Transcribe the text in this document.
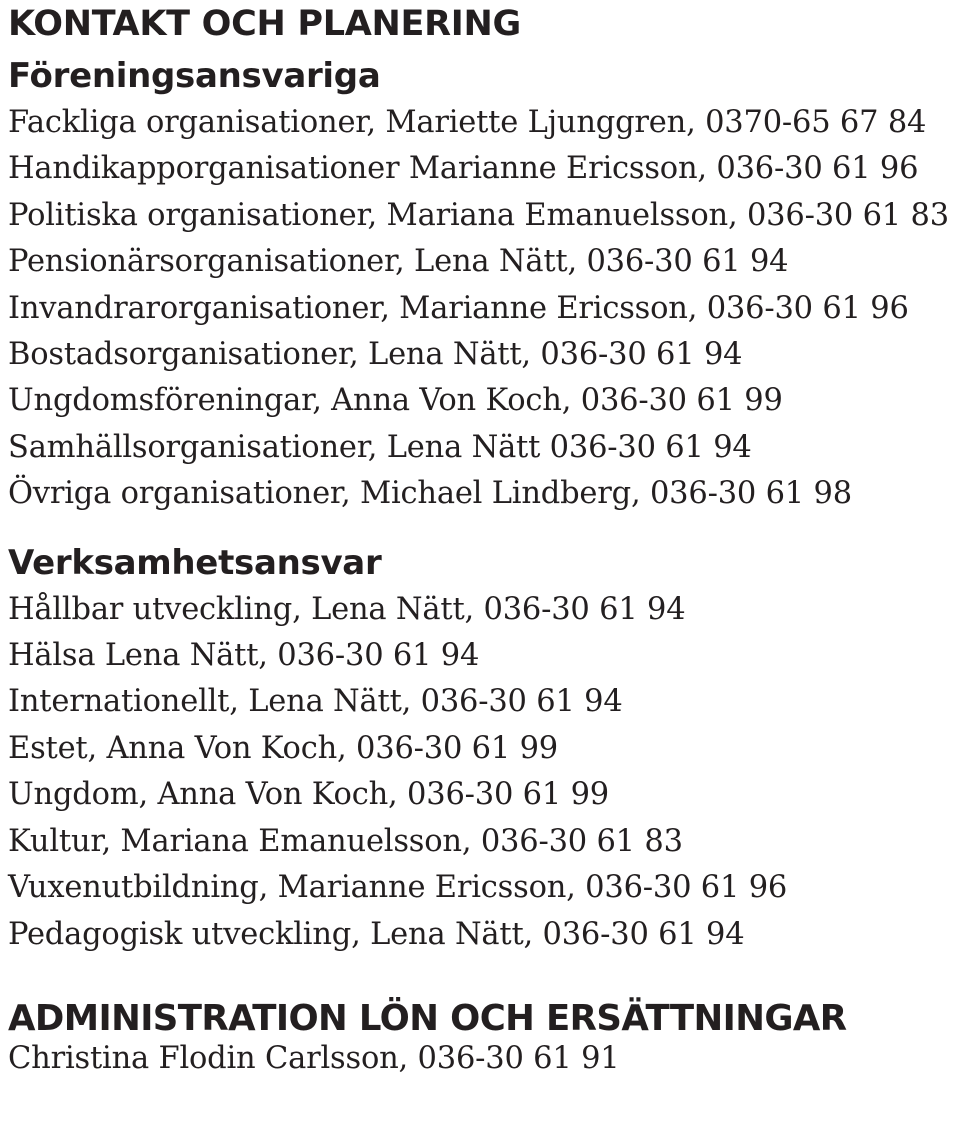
KONTAKT OCH PLANERING
Föreningsansvariga
Fackliga organisationer, Mariette Ljunggren, 0370-65 67 84
Handikapporganisationer Marianne Ericsson, 036-30 61 96
Politiska organisationer, Mariana Emanuelsson, 036-30 61 83
Pensionärsorganisationer, Lena Nätt, 036-30 61 94
Invandrarorganisationer, Marianne Ericsson, 036-30 61 96
Bostadsorganisationer, Lena Nätt, 036-30 61 94
Ungdomsföreningar, Anna Von Koch, 036-30 61 99
Samhällsorganisationer, Lena Nätt 036-30 61 94
Övriga organisationer, Michael Lindberg, 036-30 61 98
Verksamhetsansvar
Hållbar utveckling, Lena Nätt, 036-30 61 94
Hälsa Lena Nätt, 036-30 61 94
Internationellt, Lena Nätt, 036-30 61 94
Estet, Anna Von Koch, 036-30 61 99
Ungdom, Anna Von Koch, 036-30 61 99
Kultur, Mariana Emanuelsson, 036-30 61 83
Vuxenutbildning, Marianne Ericsson, 036-30 61 96
Pedagogisk utveckling, Lena Nätt, 036-30 61 94
ADMINISTRATION LÖN OCH ERSÄTTNINGAR
Christina Flodin Carlsson, 036-30 61 91
